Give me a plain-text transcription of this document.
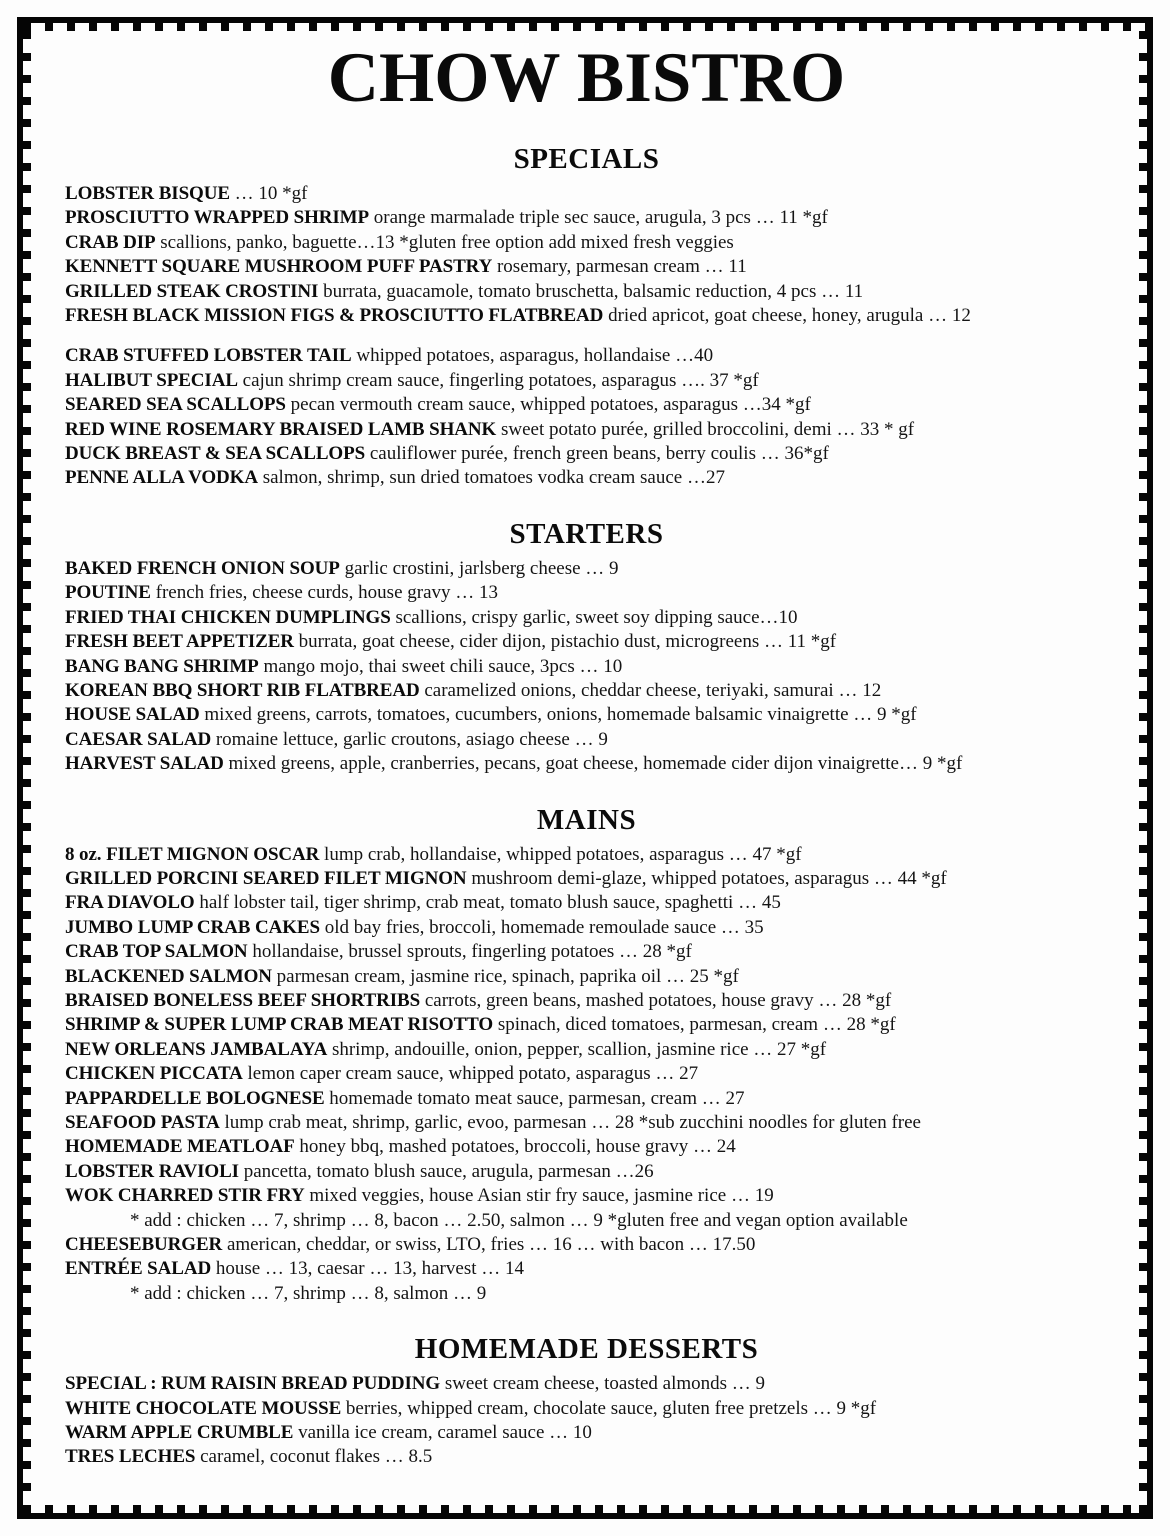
CHOW BISTRO
SPECIALS
LOBSTER BISQUE … 10 *gf
PROSCIUTTO WRAPPED SHRIMP orange marmalade triple sec sauce, arugula, 3 pcs … 11 *gf
CRAB DIP scallions, panko, baguette…13 *gluten free option add mixed fresh veggies
KENNETT SQUARE MUSHROOM PUFF PASTRY rosemary, parmesan cream … 11
GRILLED STEAK CROSTINI burrata, guacamole, tomato bruschetta, balsamic reduction, 4 pcs … 11
FRESH BLACK MISSION FIGS & PROSCIUTTO FLATBREAD dried apricot, goat cheese, honey, arugula … 12
CRAB STUFFED LOBSTER TAIL whipped potatoes, asparagus, hollandaise …40
HALIBUT SPECIAL cajun shrimp cream sauce, fingerling potatoes, asparagus …. 37 *gf
SEARED SEA SCALLOPS pecan vermouth cream sauce, whipped potatoes, asparagus …34 *gf
RED WINE ROSEMARY BRAISED LAMB SHANK sweet potato purée, grilled broccolini, demi … 33 * gf
DUCK BREAST & SEA SCALLOPS cauliflower purée, french green beans, berry coulis … 36*gf
PENNE ALLA VODKA salmon, shrimp, sun dried tomatoes vodka cream sauce …27
STARTERS
BAKED FRENCH ONION SOUP garlic crostini, jarlsberg cheese … 9
POUTINE french fries, cheese curds, house gravy … 13
FRIED THAI CHICKEN DUMPLINGS scallions, crispy garlic, sweet soy dipping sauce…10
FRESH BEET APPETIZER burrata, goat cheese, cider dijon, pistachio dust, microgreens … 11 *gf
BANG BANG SHRIMP mango mojo, thai sweet chili sauce, 3pcs … 10
KOREAN BBQ SHORT RIB FLATBREAD caramelized onions, cheddar cheese, teriyaki, samurai … 12
HOUSE SALAD mixed greens, carrots, tomatoes, cucumbers, onions, homemade balsamic vinaigrette … 9 *gf
CAESAR SALAD romaine lettuce, garlic croutons, asiago cheese … 9
HARVEST SALAD mixed greens, apple, cranberries, pecans, goat cheese, homemade cider dijon vinaigrette… 9 *gf
MAINS
8 oz. FILET MIGNON OSCAR lump crab, hollandaise, whipped potatoes, asparagus … 47 *gf
GRILLED PORCINI SEARED FILET MIGNON mushroom demi-glaze, whipped potatoes, asparagus … 44 *gf
FRA DIAVOLO half lobster tail, tiger shrimp, crab meat, tomato blush sauce, spaghetti … 45
JUMBO LUMP CRAB CAKES old bay fries, broccoli, homemade remoulade sauce … 35
CRAB TOP SALMON hollandaise, brussel sprouts, fingerling potatoes … 28 *gf
BLACKENED SALMON parmesan cream, jasmine rice, spinach, paprika oil … 25 *gf
BRAISED BONELESS BEEF SHORTRIBS carrots, green beans, mashed potatoes, house gravy … 28 *gf
SHRIMP & SUPER LUMP CRAB MEAT RISOTTO spinach, diced tomatoes, parmesan, cream … 28 *gf
NEW ORLEANS JAMBALAYA shrimp, andouille, onion, pepper, scallion, jasmine rice … 27 *gf
CHICKEN PICCATA lemon caper cream sauce, whipped potato, asparagus … 27
PAPPARDELLE BOLOGNESE homemade tomato meat sauce, parmesan, cream … 27
SEAFOOD PASTA lump crab meat, shrimp, garlic, evoo, parmesan … 28 *sub zucchini noodles for gluten free
HOMEMADE MEATLOAF honey bbq, mashed potatoes, broccoli, house gravy … 24
LOBSTER RAVIOLI pancetta, tomato blush sauce, arugula, parmesan …26
WOK CHARRED STIR FRY mixed veggies, house Asian stir fry sauce, jasmine rice … 19
* add : chicken … 7, shrimp … 8, bacon … 2.50, salmon … 9 *gluten free and vegan option available
CHEESEBURGER american, cheddar, or swiss, LTO, fries … 16 … with bacon … 17.50
ENTRÉE SALAD house … 13, caesar … 13, harvest … 14
* add : chicken … 7, shrimp … 8, salmon … 9
HOMEMADE DESSERTS
SPECIAL : RUM RAISIN BREAD PUDDING sweet cream cheese, toasted almonds … 9
WHITE CHOCOLATE MOUSSE berries, whipped cream, chocolate sauce, gluten free pretzels … 9 *gf
WARM APPLE CRUMBLE vanilla ice cream, caramel sauce … 10
TRES LECHES caramel, coconut flakes … 8.5
